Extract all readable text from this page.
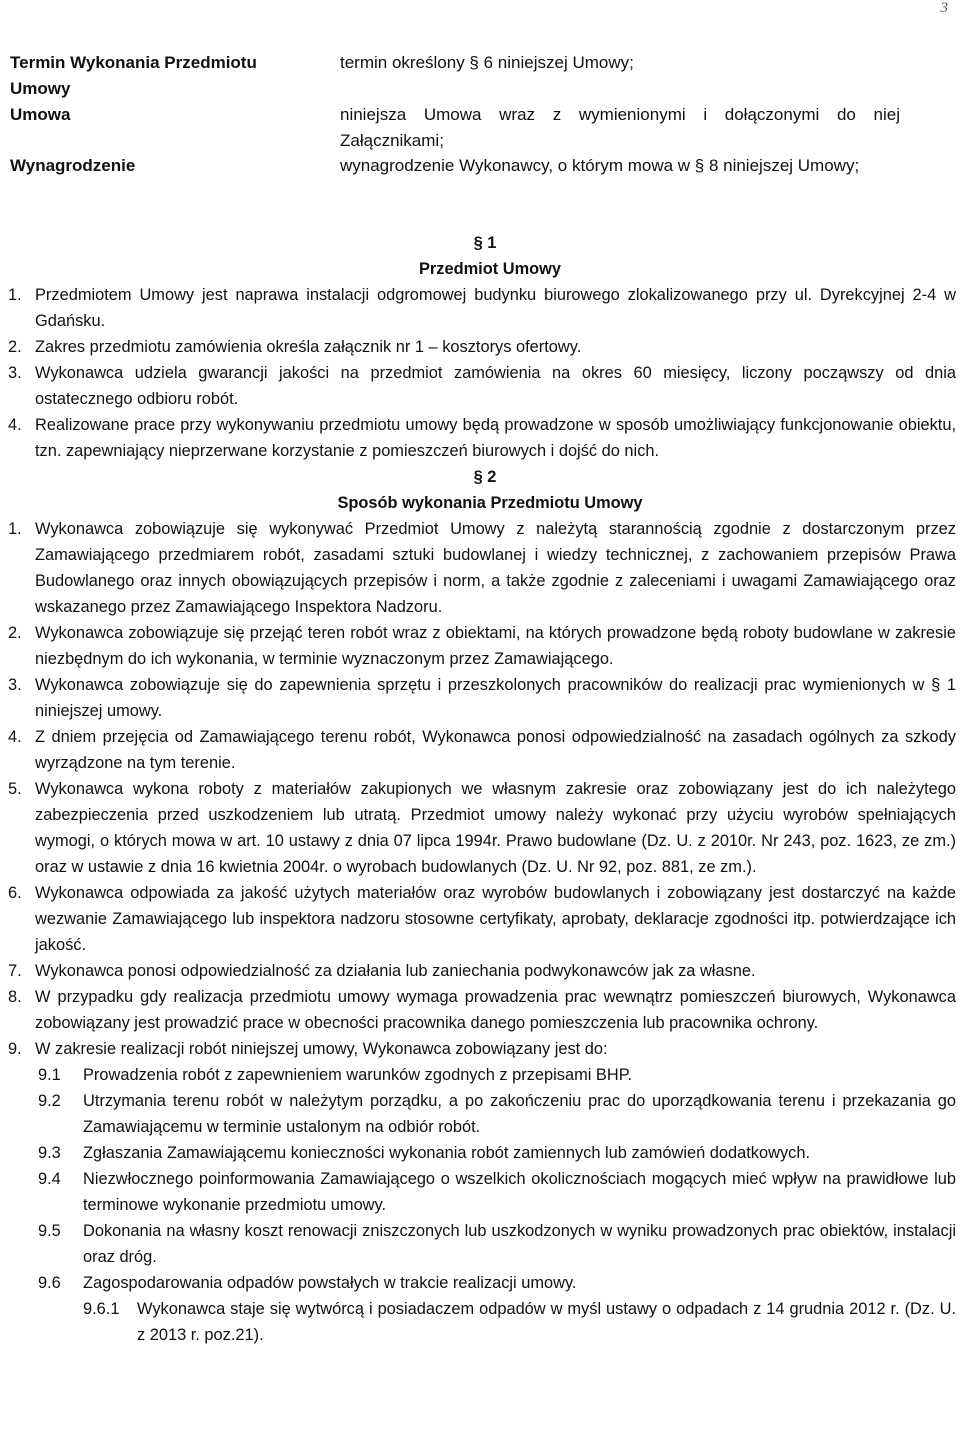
3
Termin Wykonania Przedmiotu Umowy
termin określony § 6 niniejszej Umowy;
Umowa	niniejsza Umowa wraz z wymienionymi i dołączonymi do niej Załącznikami;
Wynagrodzenie	wynagrodzenie Wykonawcy, o którym mowa w § 8 niniejszej Umowy;

§ 1

Przedmiot Umowy

1. Przedmiotem Umowy jest naprawa instalacji odgromowej budynku biurowego zlokalizowanego przy ul. Dyrekcyjnej 2-4 w Gdańsku.

2. Zakres przedmiotu zamówienia określa załącznik nr 1 – kosztorys ofertowy.

3. Wykonawca udziela gwarancji jakości na przedmiot zamówienia na okres 60 miesięcy, liczony począwszy od dnia ostatecznego odbioru robót.

4. Realizowane prace przy wykonywaniu przedmiotu umowy będą prowadzone w sposób umożliwiający funkcjonowanie obiektu, tzn. zapewniający nieprzerwane korzystanie z pomieszczeń biurowych i dojść do nich.

§ 2

Sposób wykonania Przedmiotu Umowy

1. Wykonawca zobowiązuje się wykonywać Przedmiot Umowy z należytą starannością zgodnie z dostarczonym przez Zamawiającego przedmiarem robót, zasadami sztuki budowlanej i wiedzy technicznej, z zachowaniem przepisów Prawa Budowlanego oraz innych obowiązujących przepisów i norm, a także zgodnie z zaleceniami i uwagami Zamawiającego oraz wskazanego przez Zamawiającego Inspektora Nadzoru.

2. Wykonawca zobowiązuje się przejąć teren robót wraz z obiektami, na których prowadzone będą roboty budowlane w zakresie niezbędnym do ich wykonania, w terminie wyznaczonym przez Zamawiającego.

3. Wykonawca zobowiązuje się do zapewnienia sprzętu i przeszkolonych pracowników do realizacji prac wymienionych w § 1 niniejszej umowy.

4. Z dniem przejęcia od Zamawiającego terenu robót, Wykonawca ponosi odpowiedzialność na zasadach ogólnych za szkody wyrządzone na tym terenie.

5. Wykonawca wykona roboty z materiałów zakupionych we własnym zakresie oraz zobowiązany jest do ich należytego zabezpieczenia przed uszkodzeniem lub utratą. Przedmiot umowy należy wykonać przy użyciu wyrobów spełniających wymogi, o których mowa w art. 10 ustawy z dnia 07 lipca 1994r. Prawo budowlane (Dz. U. z 2010r. Nr 243, poz. 1623, ze zm.) oraz w ustawie z dnia 16 kwietnia 2004r. o wyrobach budowlanych (Dz. U. Nr 92, poz. 881, ze zm.).

6. Wykonawca odpowiada za jakość użytych materiałów oraz wyrobów budowlanych i zobowiązany jest dostarczyć na każde wezwanie Zamawiającego lub inspektora nadzoru stosowne certyfikaty, aprobaty, deklaracje zgodności itp. potwierdzające ich jakość.

7. Wykonawca ponosi odpowiedzialność za działania lub zaniechania podwykonawców jak za własne.

8. W przypadku gdy realizacja przedmiotu umowy wymaga prowadzenia prac wewnątrz pomieszczeń biurowych, Wykonawca zobowiązany jest prowadzić prace w obecności pracownika danego pomieszczenia lub pracownika ochrony.

9. W zakresie realizacji robót niniejszej umowy, Wykonawca zobowiązany jest do:

9.1 Prowadzenia robót z zapewnieniem warunków zgodnych z przepisami BHP.

9.2 Utrzymania terenu robót w należytym porządku, a po zakończeniu prac do uporządkowania terenu i przekazania go Zamawiającemu w terminie ustalonym na odbiór robót.

9.3 Zgłaszania Zamawiającemu konieczności wykonania robót zamiennych lub zamówień dodatkowych.

9.4 Niezwłocznego poinformowania Zamawiającego o wszelkich okolicznościach mogących mieć wpływ na prawidłowe lub terminowe wykonanie przedmiotu umowy.

9.5 Dokonania na własny koszt renowacji zniszczonych lub uszkodzonych w wyniku prowadzonych prac obiektów, instalacji oraz dróg.

9.6 Zagospodarowania odpadów powstałych w trakcie realizacji umowy.

9.6.1 Wykonawca staje się wytwórcą i posiadaczem odpadów w myśl ustawy o odpadach z 14 grudnia 2012 r. (Dz. U. z 2013 r. poz.21).
